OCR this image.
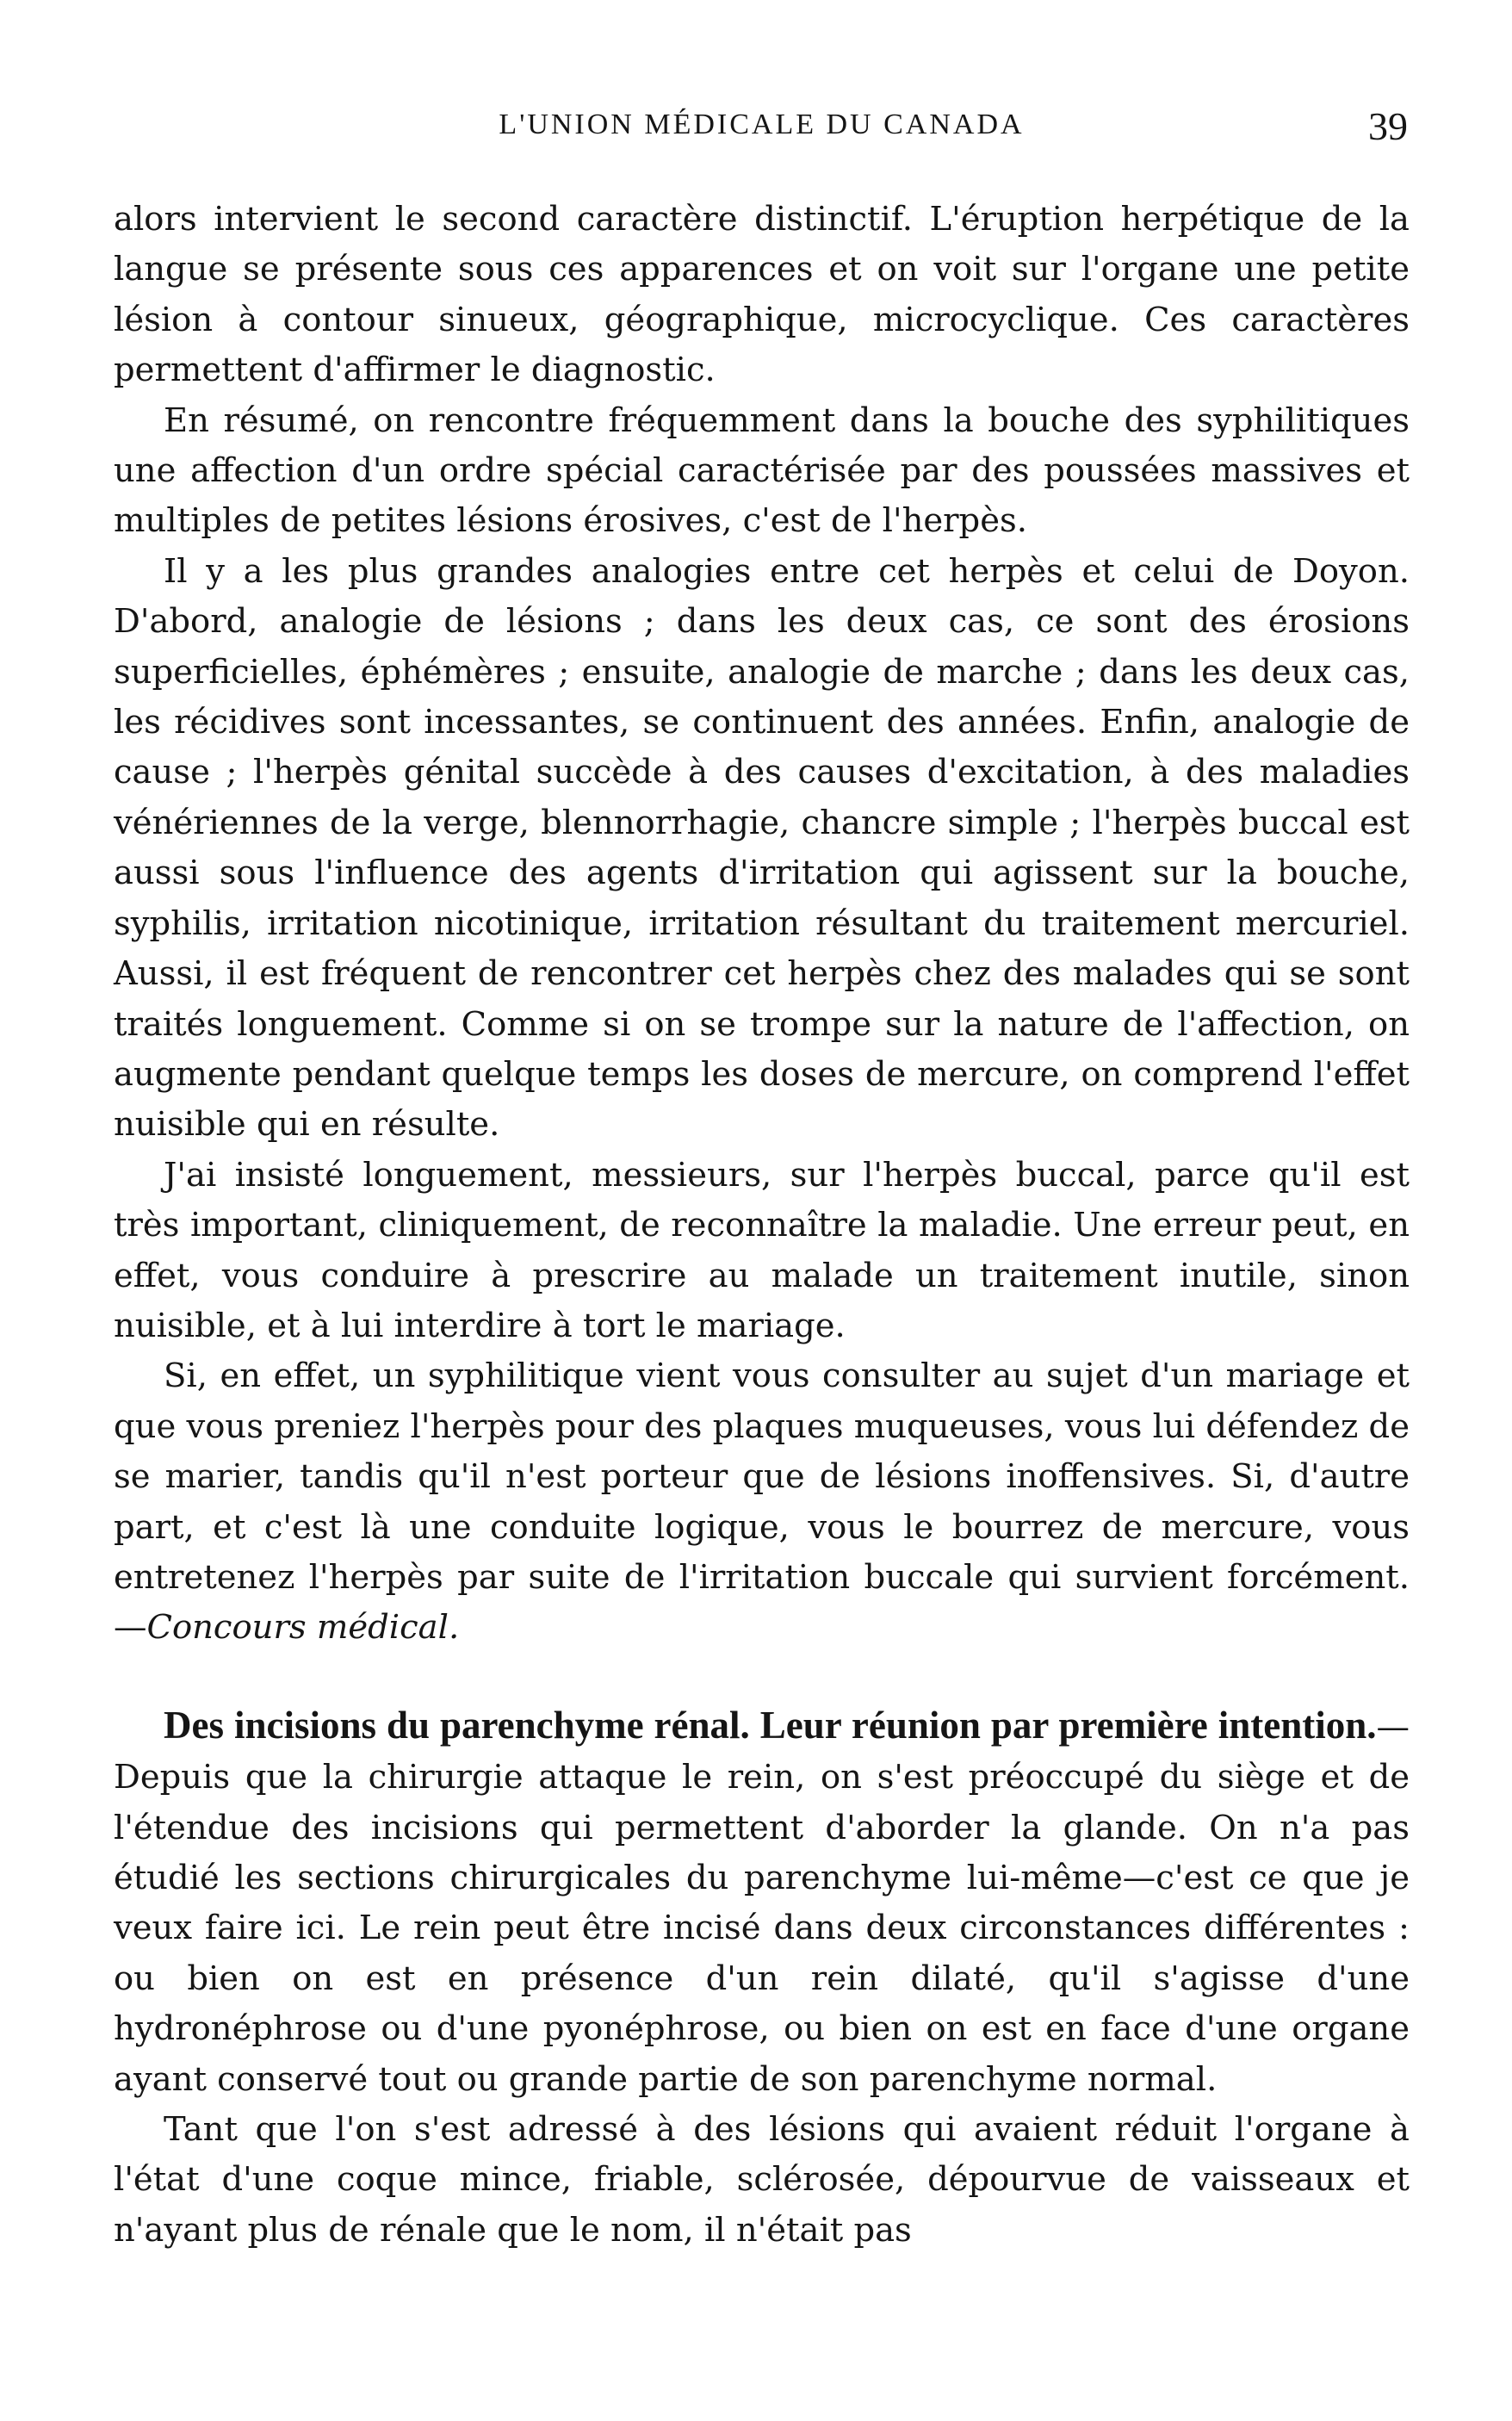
L'UNION MÉDICALE DU CANADA	39

alors intervient le second caractère distinctif. L'éruption herpétique de la langue se présente sous ces apparences et on voit sur l'organe une petite lésion à contour sinueux, géographique, microcyclique. Ces caractères permettent d'affirmer le diagnostic.

En résumé, on rencontre fréquemment dans la bouche des syphilitiques une affection d'un ordre spécial caractérisée par des poussées massives et multiples de petites lésions érosives, c'est de l'herpès.

Il y a les plus grandes analogies entre cet herpès et celui de Doyon. D'abord, analogie de lésions ; dans les deux cas, ce sont des érosions superficielles, éphémères ; ensuite, analogie de marche ; dans les deux cas, les récidives sont incessantes, se continuent des années. Enfin, analogie de cause ; l'herpès génital succède à des causes d'excitation, à des maladies vénériennes de la verge, blennorrhagie, chancre simple ; l'herpès buccal est aussi sous l'influence des agents d'irritation qui agissent sur la bouche, syphilis, irritation nicotinique, irritation résultant du traitement mercuriel. Aussi, il est fréquent de rencontrer cet herpès chez des malades qui se sont traités longuement. Comme si on se trompe sur la nature de l'affection, on augmente pendant quelque temps les doses de mercure, on comprend l'effet nuisible qui en résulte.

J'ai insisté longuement, messieurs, sur l'herpès buccal, parce qu'il est très important, cliniquement, de reconnaître la maladie. Une erreur peut, en effet, vous conduire à prescrire au malade un traitement inutile, sinon nuisible, et à lui interdire à tort le mariage.

Si, en effet, un syphilitique vient vous consulter au sujet d'un mariage et que vous preniez l'herpès pour des plaques muqueuses, vous lui défendez de se marier, tandis qu'il n'est porteur que de lésions inoffensives. Si, d'autre part, et c'est là une conduite logique, vous le bourrez de mercure, vous entretenez l'herpès par suite de l'irritation buccale qui survient forcément.—Concours médical.

Des incisions du parenchyme rénal. Leur réunion par première intention.—Depuis que la chirurgie attaque le rein, on s'est préoccupé du siège et de l'étendue des incisions qui permettent d'aborder la glande. On n'a pas étudié les sections chirurgicales du parenchyme lui-même—c'est ce que je veux faire ici. Le rein peut être incisé dans deux circonstances différentes : ou bien on est en présence d'un rein dilaté, qu'il s'agisse d'une hydronéphrose ou d'une pyonéphrose, ou bien on est en face d'une organe ayant conservé tout ou grande partie de son parenchyme normal.

Tant que l'on s'est adressé à des lésions qui avaient réduit l'organe à l'état d'une coque mince, friable, sclérosée, dépourvue de vaisseaux et n'ayant plus de rénale que le nom, il n'était pas
